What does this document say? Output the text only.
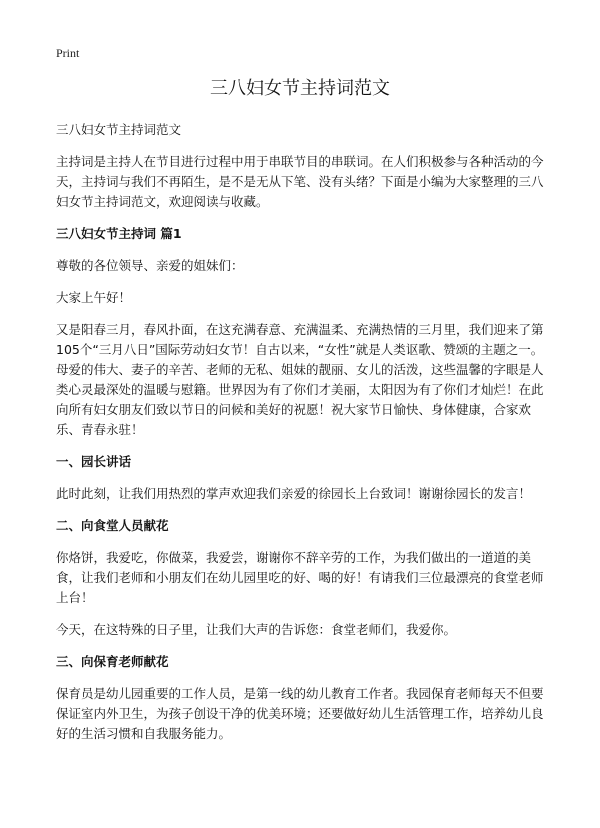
Print
三八妇女节主持词范文

三八妇女节主持词范文

主持词是主持人在节目进行过程中用于串联节目的串联词。在人们积极参与各种活动的今天，主持词与我们不再陌生，是不是无从下笔、没有头绪？下面是小编为大家整理的三八妇女节主持词范文，欢迎阅读与收藏。

三八妇女节主持词 篇1

尊敬的各位领导、亲爱的姐妹们：

大家上午好！

又是阳春三月，春风扑面，在这充满春意、充满温柔、充满热情的三月里，我们迎来了第105个“三月八日”国际劳动妇女节！自古以来，“女性”就是人类讴歌、赞颂的主题之一。母爱的伟大、妻子的辛苦、老师的无私、姐妹的靓丽、女儿的活泼，这些温馨的字眼是人类心灵最深处的温暖与慰籍。世界因为有了你们才美丽，太阳因为有了你们才灿烂！在此向所有妇女朋友们致以节日的问候和美好的祝愿！祝大家节日愉快、身体健康，合家欢乐、青春永驻！

一、园长讲话

此时此刻，让我们用热烈的掌声欢迎我们亲爱的徐园长上台致词！谢谢徐园长的发言！

二、向食堂人员献花

你烙饼，我爱吃，你做菜，我爱尝，谢谢你不辞辛劳的工作，为我们做出的一道道的美食，让我们老师和小朋友们在幼儿园里吃的好、喝的好！有请我们三位最漂亮的食堂老师上台！

今天，在这特殊的日子里，让我们大声的告诉您：食堂老师们，我爱你。

三、向保育老师献花

保育员是幼儿园重要的工作人员，是第一线的幼儿教育工作者。我园保育老师每天不但要保证室内外卫生，为孩子创设干净的优美环境；还要做好幼儿生活管理工作，培养幼儿良好的生活习惯和自我服务能力。
